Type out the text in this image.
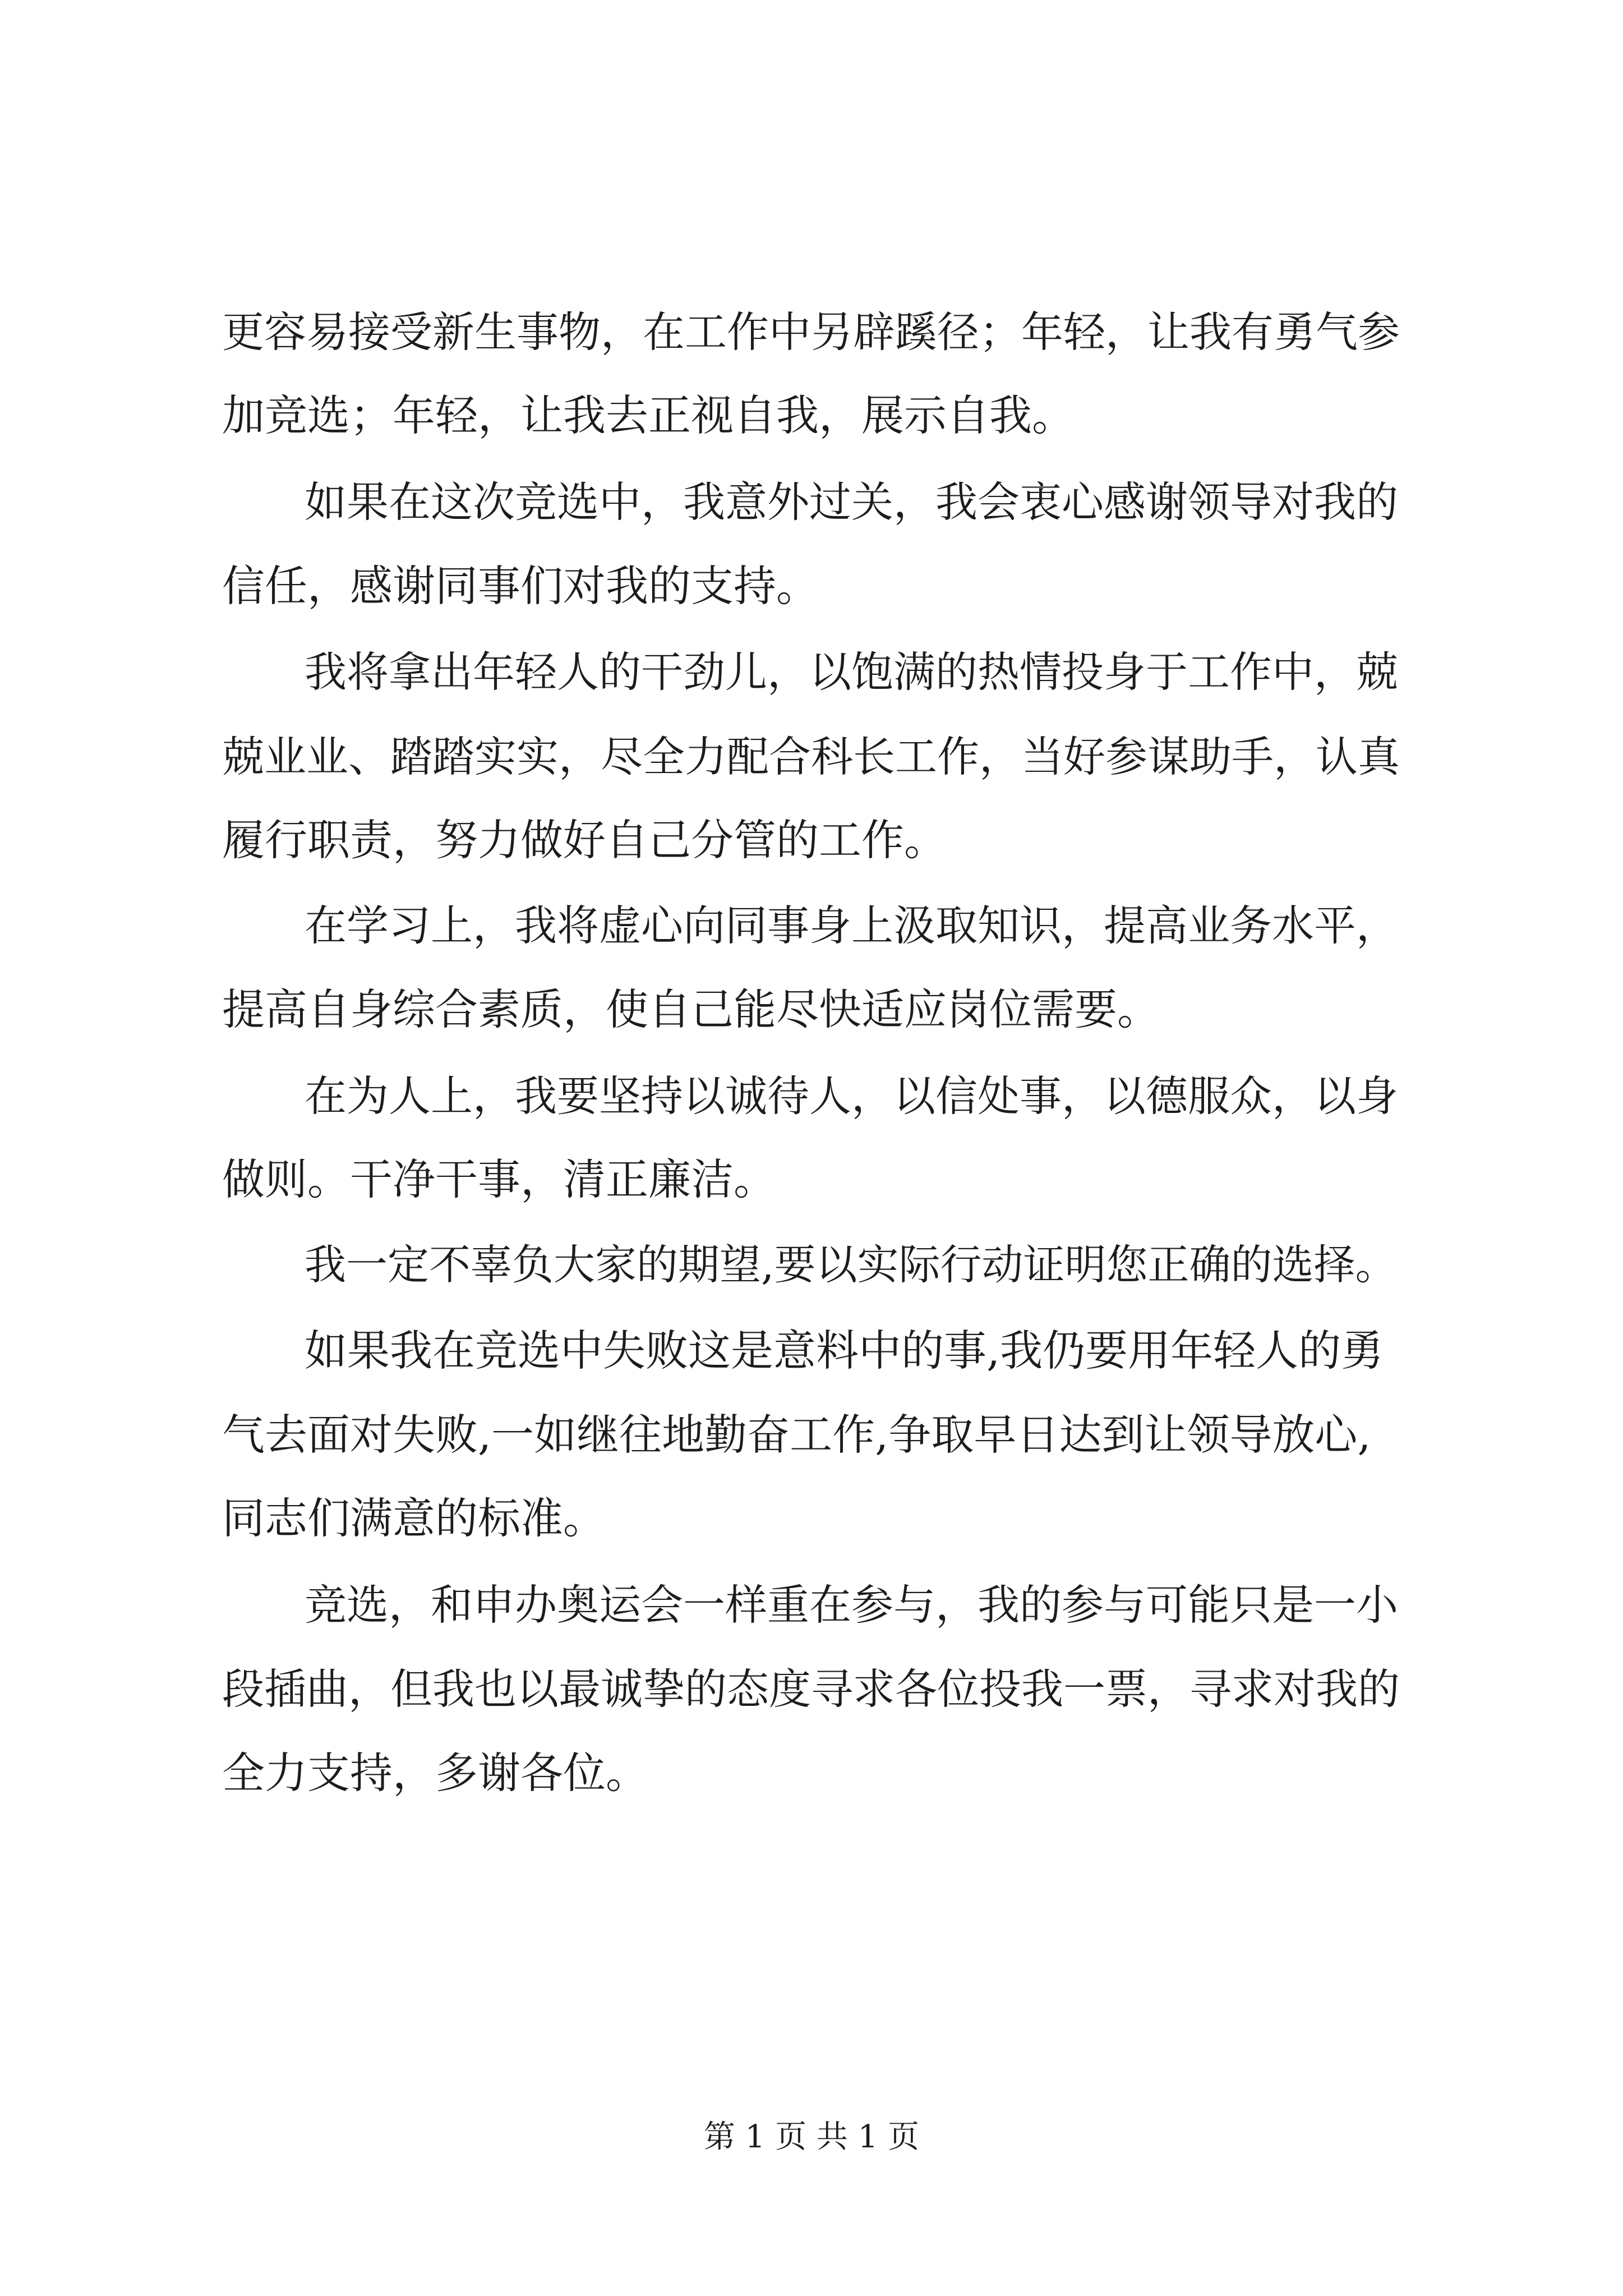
更容易接受新生事物，在工作中另辟蹊径；年轻，让我有勇气参

加竞选；年轻，让我去正视自我，展示自我。

如果在这次竞选中，我意外过关，我会衷心感谢领导对我的

信任，感谢同事们对我的支持。

我将拿出年轻人的干劲儿，以饱满的热情投身于工作中，兢

兢业业、踏踏实实，尽全力配合科长工作，当好参谋助手，认真

履行职责，努力做好自己分管的工作。

在学习上，我将虚心向同事身上汲取知识，提高业务水平，

提高自身综合素质，使自己能尽快适应岗位需要。

在为人上，我要坚持以诚待人，以信处事，以德服众，以身

做则。干净干事，清正廉洁。

我一定不辜负大家的期望,要以实际行动证明您正确的选择。

如果我在竞选中失败这是意料中的事,我仍要用年轻人的勇

气去面对失败,一如继往地勤奋工作,争取早日达到让领导放心,

同志们满意的标准。

竞选，和申办奥运会一样重在参与，我的参与可能只是一小

段插曲，但我也以最诚挚的态度寻求各位投我一票，寻求对我的

全力支持，多谢各位。

第 1 页 共 1 页
